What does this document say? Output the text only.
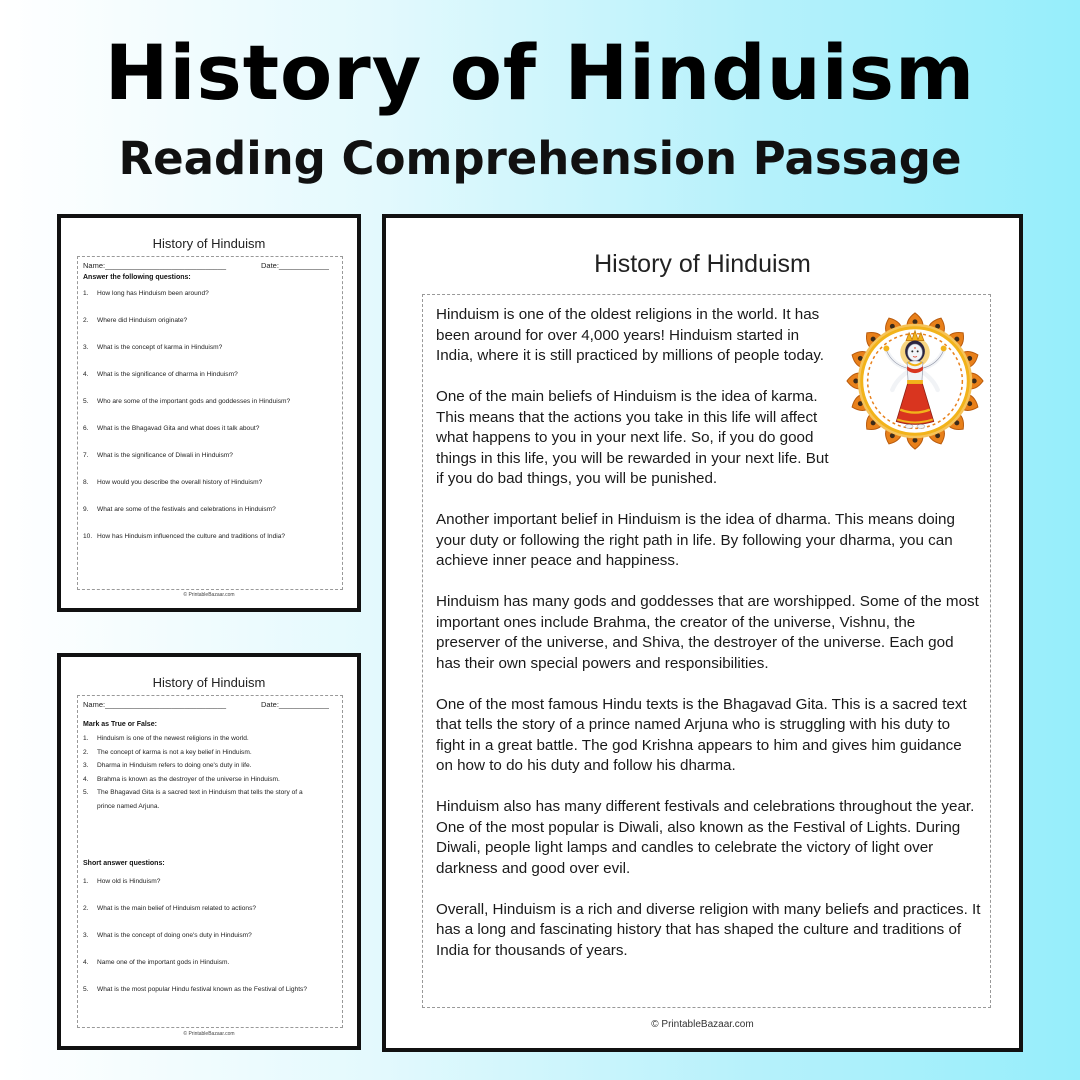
History of Hinduism
Reading Comprehension Passage
History of Hinduism
Name:_____________________________	Date:____________
Answer the following questions:
1. How long has Hinduism been around?
2. Where did Hinduism originate?
3. What is the concept of karma in Hinduism?
4. What is the significance of dharma in Hinduism?
5. Who are some of the important gods and goddesses in Hinduism?
6. What is the Bhagavad Gita and what does it talk about?
7. What is the significance of Diwali in Hinduism?
8. How would you describe the overall history of Hinduism?
9. What are some of the festivals and celebrations in Hinduism?
10. How has Hinduism influenced the culture and traditions of India?
© PrintableBazaar.com
History of Hinduism
Name:_____________________________	Date:____________
Mark as True or False:
1. Hinduism is one of the newest religions in the world.
2. The concept of karma is not a key belief in Hinduism.
3. Dharma in Hinduism refers to doing one's duty in life.
4. Brahma is known as the destroyer of the universe in Hinduism.
5. The Bhagavad Gita is a sacred text in Hinduism that tells the story of a
prince named Arjuna.
Short answer questions:
1. How old is Hinduism?
2. What is the main belief of Hinduism related to actions?
3. What is the concept of doing one's duty in Hinduism?
4. Name one of the important gods in Hinduism.
5. What is the most popular Hindu festival known as the Festival of Lights?
© PrintableBazaar.com
History of Hinduism

Hinduism is one of the oldest religions in the world. It has been around for over 4,000 years! Hinduism started in India, where it is still practiced by millions of people today.

One of the main beliefs of Hinduism is the idea of karma. This means that the actions you take in this life will affect what happens to you in your next life. So, if you do good things in this life, you will be rewarded in your next life. But if you do bad things, you will be punished.

Another important belief in Hinduism is the idea of dharma. This means doing your duty or following the right path in life. By following your dharma, you can achieve inner peace and happiness.

Hinduism has many gods and goddesses that are worshipped. Some of the most important ones include Brahma, the creator of the universe, Vishnu, the preserver of the universe, and Shiva, the destroyer of the universe. Each god has their own special powers and responsibilities.

One of the most famous Hindu texts is the Bhagavad Gita. This is a sacred text that tells the story of a prince named Arjuna who is struggling with his duty to fight in a great battle. The god Krishna appears to him and gives him guidance on how to do his duty and follow his dharma.

Hinduism also has many different festivals and celebrations throughout the year. One of the most popular is Diwali, also known as the Festival of Lights. During Diwali, people light lamps and candles to celebrate the victory of light over darkness and good over evil.

Overall, Hinduism is a rich and diverse religion with many beliefs and practices. It has a long and fascinating history that has shaped the culture and traditions of India for thousands of years.

© PrintableBazaar.com
